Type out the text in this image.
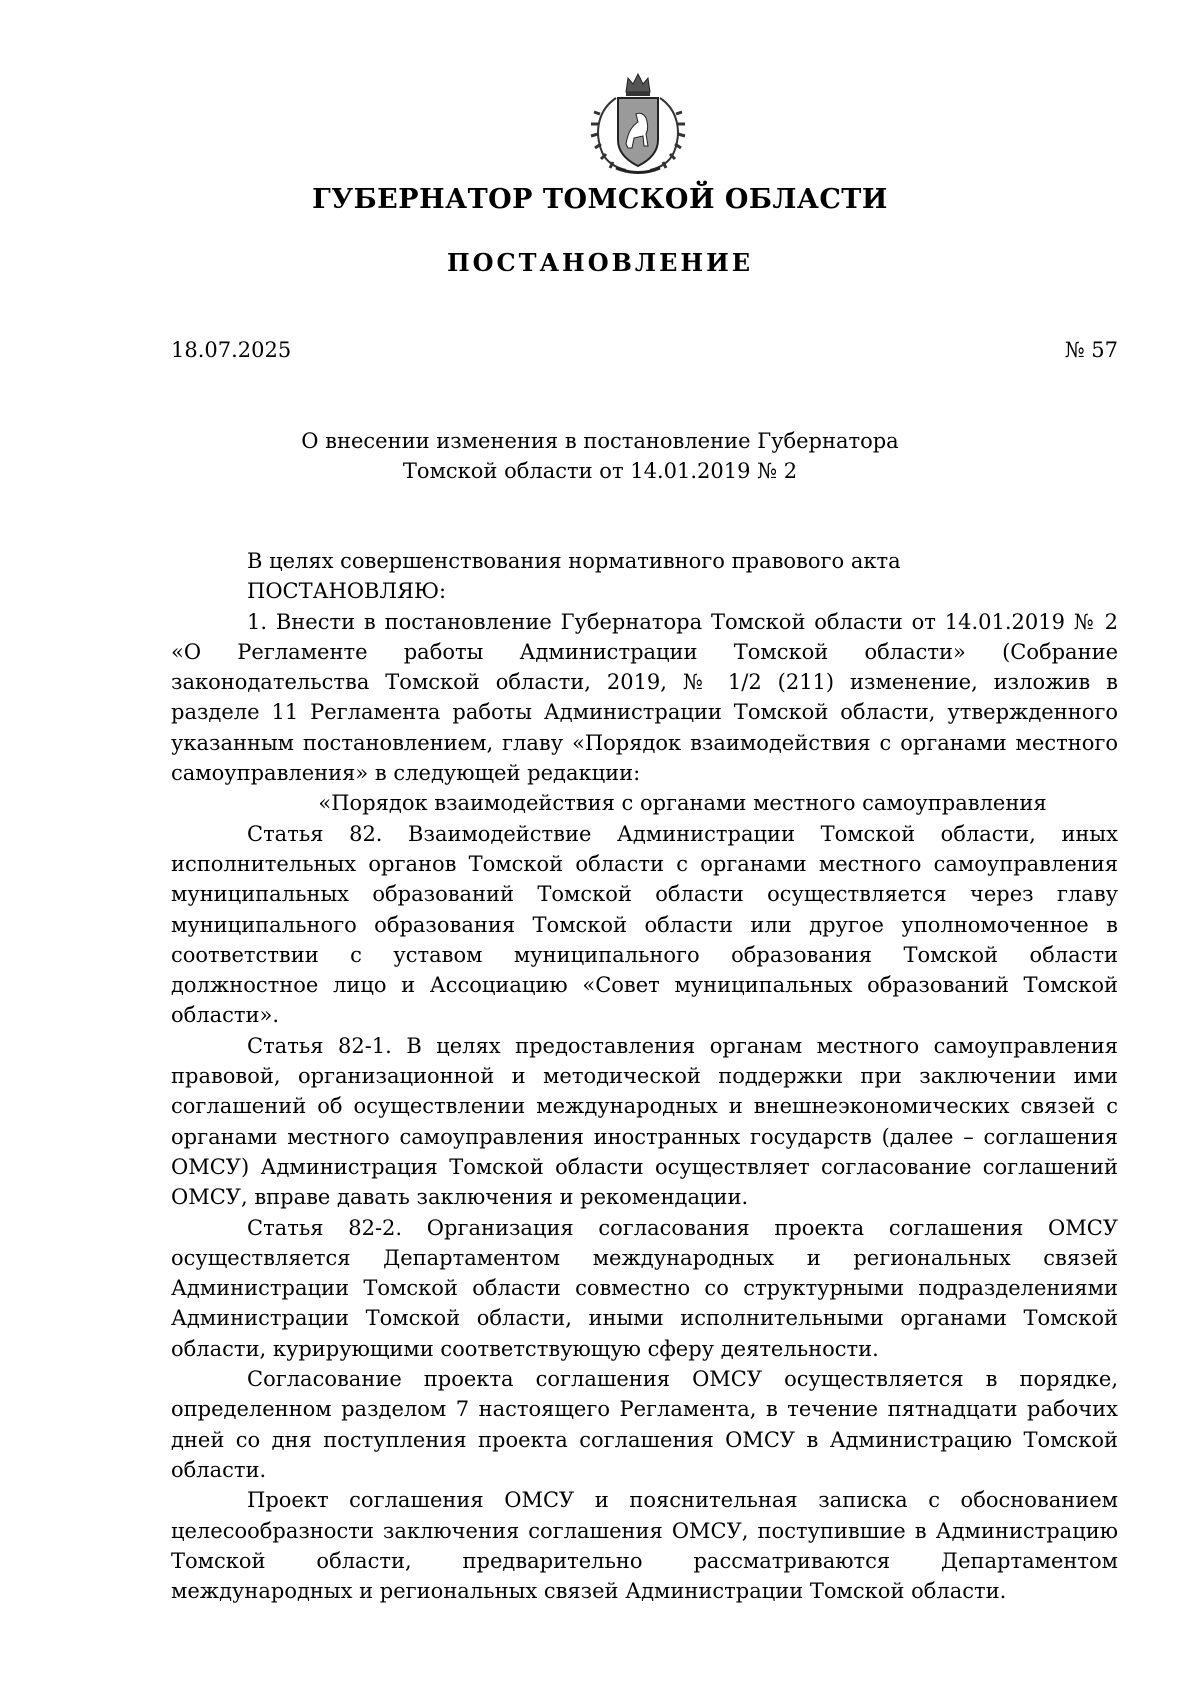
ГУБЕРНАТОР ТОМСКОЙ ОБЛАСТИ
ПОСТАНОВЛЕНИЕ
18.07.2025	№ 57
О внесении изменения в постановление Губернатора
Томской области от 14.01.2019 № 2

В целях совершенствования нормативного правового акта

ПОСТАНОВЛЯЮ:

1. Внести в постановление Губернатора Томской области от 14.01.2019 № 2 «О Регламенте работы Администрации Томской области» (Собрание законодательства Томской области, 2019, № 1/2 (211) изменение, изложив в разделе 11 Регламента работы Администрации Томской области, утвержденного указанным постановлением, главу «Порядок взаимодействия с органами местного самоуправления» в следующей редакции:

«Порядок взаимодействия с органами местного самоуправления

Статья 82. Взаимодействие Администрации Томской области, иных исполнительных органов Томской области с органами местного самоуправления муниципальных образований Томской области осуществляется через главу муниципального образования Томской области или другое уполномоченное в соответствии с уставом муниципального образования Томской области должностное лицо и Ассоциацию «Совет муниципальных образований Томской области».

Статья 82-1. В целях предоставления органам местного самоуправления правовой, организационной и методической поддержки при заключении ими соглашений об осуществлении международных и внешнеэкономических связей с органами местного самоуправления иностранных государств (далее – соглашения ОМСУ) Администрация Томской области осуществляет согласование соглашений ОМСУ, вправе давать заключения и рекомендации.

Статья 82-2. Организация согласования проекта соглашения ОМСУ осуществляется Департаментом международных и региональных связей Администрации Томской области совместно со структурными подразделениями Администрации Томской области, иными исполнительными органами Томской области, курирующими соответствующую сферу деятельности.

Согласование проекта соглашения ОМСУ осуществляется в порядке, определенном разделом 7 настоящего Регламента, в течение пятнадцати рабочих дней со дня поступления проекта соглашения ОМСУ в Администрацию Томской области.

Проект соглашения ОМСУ и пояснительная записка с обоснованием целесообразности заключения соглашения ОМСУ, поступившие в Администрацию Томской области, предварительно рассматриваются Департаментом международных и региональных связей Администрации Томской области.
